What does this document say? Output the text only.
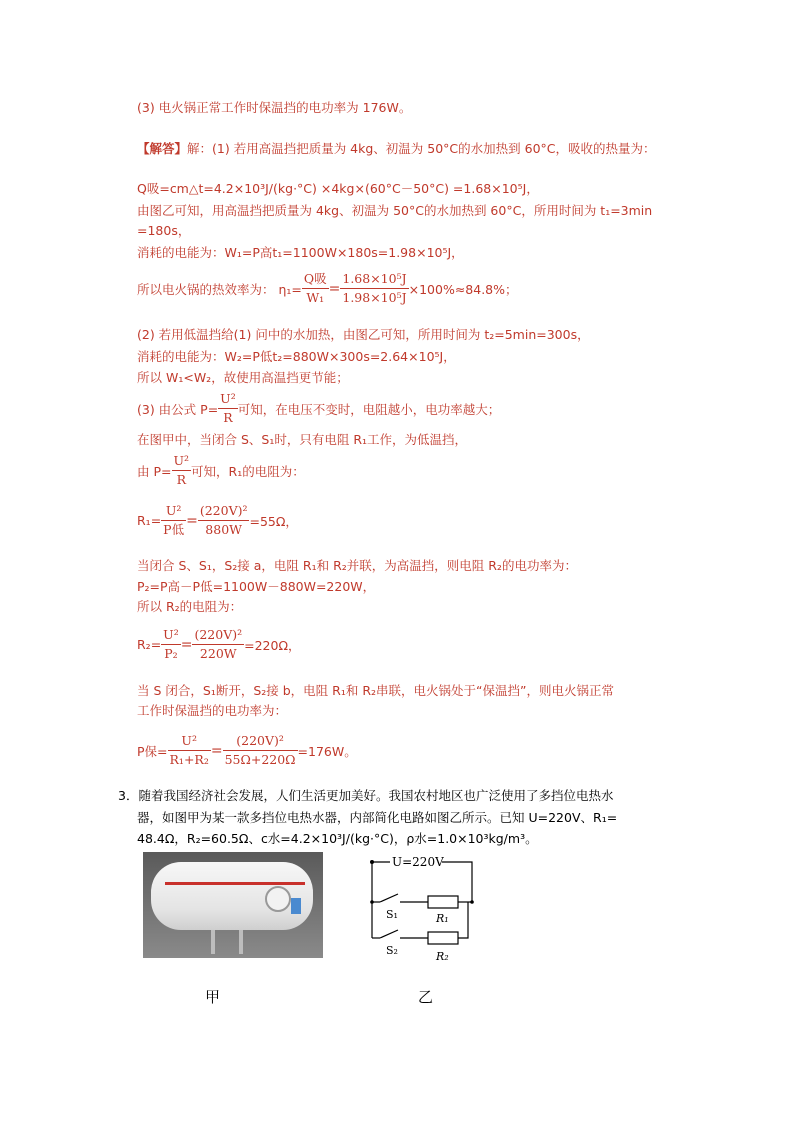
(3) 电火锅正常工作时保温挡的电功率为 176W。
【解答】解：(1) 若用高温挡把质量为 4kg、初温为 50°C的水加热到 60°C，吸收的热量为：
Q吸=cm△t=4.2×10³J/(kg·°C) ×4kg×(60°C－50°C) =1.68×10⁵J，
由图乙可知，用高温挡把质量为 4kg、初温为 50°C的水加热到 60°C，所用时间为 t₁=3min
=180s，
消耗的电能为：W₁=P高t₁=1100W×180s=1.98×10⁵J，
所以电火锅的热效率为： $\eta_1= \frac{\text{Q吸}}{\text{W₁}} = \frac{\text{1.68×10⁵J}}{\text{1.98×10⁵J}} \times 100\%\approx 84.8\%$；
(2) 若用低温挡给(1) 问中的水加热，由图乙可知，所用时间为 t₂=5min=300s，
消耗的电能为：W₂=P低t₂=880W×300s=2.64×10⁵J，
所以 W₁<W₂，故使用高温挡更节能；
(3) 由公式 $P= \frac{\text{U²}}{R}$ 可知，在电压不变时，电阻越小，电功率越大；
在图甲中，当闭合 S、S₁时，只有电阻 R₁工作，为低温挡，
由 $P= \frac{\text{U²}}{R}$ 可知，R₁的电阻为：
$R_1= \frac{\text{U²}}{\text{P低}} = \frac{\text{(220V)²}}{880W} =55\Omega$，
当闭合 S、S₁，S₂接 a，电阻 R₁和 R₂并联，为高温挡，则电阻 R₂的电功率为：
P₂=P高－P低=1100W－880W=220W，
所以 R₂的电阻为：
$R_2= \frac{\text{U²}}{\text{P₂}} = \frac{\text{(220V)²}}{220W} =220\Omega$，
当 S 闭合，S₁断开，S₂接 b，电阻 R₁和 R₂串联，电火锅处于“保温挡”，则电火锅正常
工作时保温挡的电功率为：
P保= $\frac{\text{U²}}{\text{R₁+R₂}} = \frac{\text{(220V)²}}{55\Omega+220\Omega} =176W$。
3．随着我国经济社会发展，人们生活更加美好。我国农村地区也广泛使用了多挡位电热水
器，如图甲为某一款多挡位电热水器，内部简化电路如图乙所示。已知 U=220V、R₁=
48.4Ω，R₂=60.5Ω、c水=4.2×10³J/(kg·°C)，ρ水=1.0×10³kg/m³。
U=220V
S₁	R₁
S₂	R₂
甲	乙
